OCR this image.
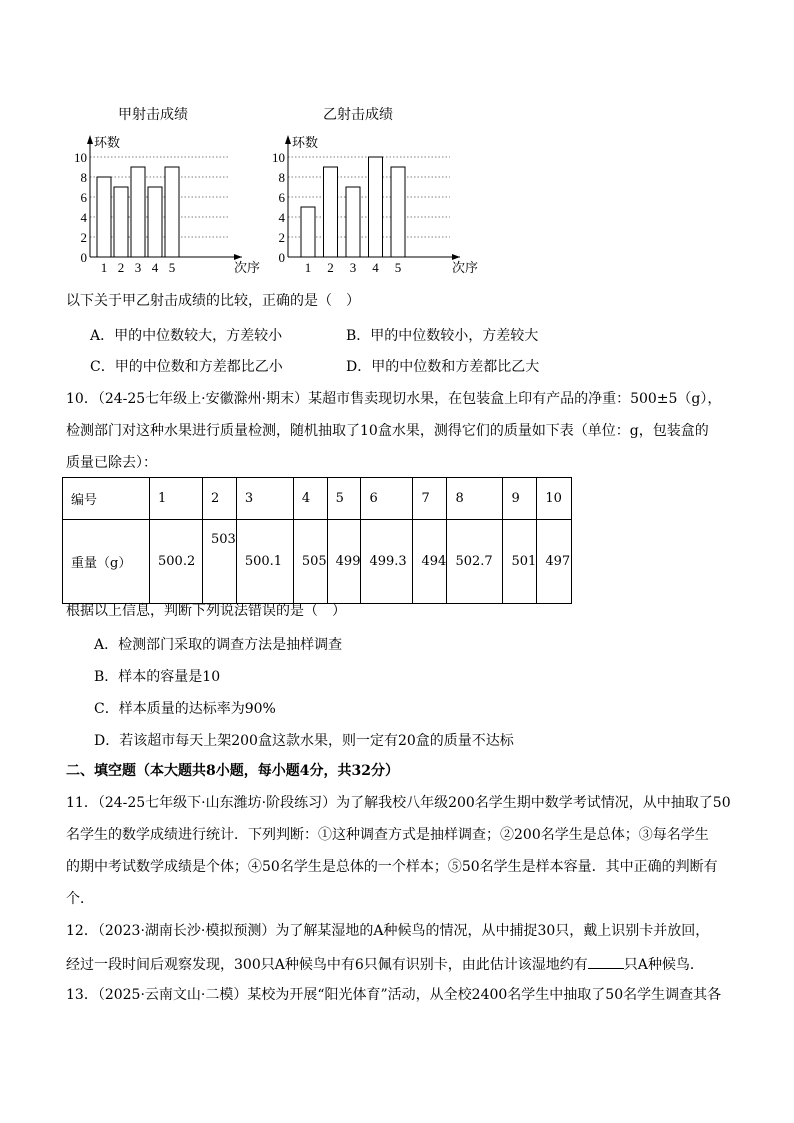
甲射击成绩
环数
次序
0
2
4
6
8
10
1 2 3 4 5
乙射击成绩
环数
次序
0
2
4
6
8
10
1 2 3 4 5
以下关于甲乙射击成绩的比较，正确的是（　）
A．甲的中位数较大，方差较小	B．甲的中位数较小，方差较大
C．甲的中位数和方差都比乙小	D．甲的中位数和方差都比乙大
10．（24-25七年级上·安徽滁州·期末）某超市售卖现切水果，在包装盒上印有产品的净重：500±5（g），
检测部门对这种水果进行质量检测，随机抽取了10盒水果，测得它们的质量如下表（单位：g，包装盒的
质量已除去）：
编号	1	2	3	4	5	6	7	8	9	10
重量（g）	500.2	503	500.1	505	499	499.3	494	502.7	501	497
根据以上信息，判断下列说法错误的是（　）
A．检测部门采取的调查方法是抽样调查
B．样本的容量是10
C．样本质量的达标率为90%
D．若该超市每天上架200盒这款水果，则一定有20盒的质量不达标
二、填空题（本大题共8小题，每小题4分，共32分）
11．（24-25七年级下·山东潍坊·阶段练习）为了解我校八年级200名学生期中数学考试情况，从中抽取了50
名学生的数学成绩进行统计．下列判断：①这种调查方式是抽样调查；②200名学生是总体；③每名学生
的期中考试数学成绩是个体；④50名学生是总体的一个样本；⑤50名学生是样本容量．其中正确的判断有
个．
12．（2023·湖南长沙·模拟预测）为了解某湿地的A种候鸟的情况，从中捕捉30只，戴上识别卡并放回，
经过一段时间后观察发现，300只A种候鸟中有6只佩有识别卡，由此估计该湿地约有	只A种候鸟．
13．（2025·云南文山·二模）某校为开展“阳光体育”活动，从全校2400名学生中抽取了50名学生调查其各
